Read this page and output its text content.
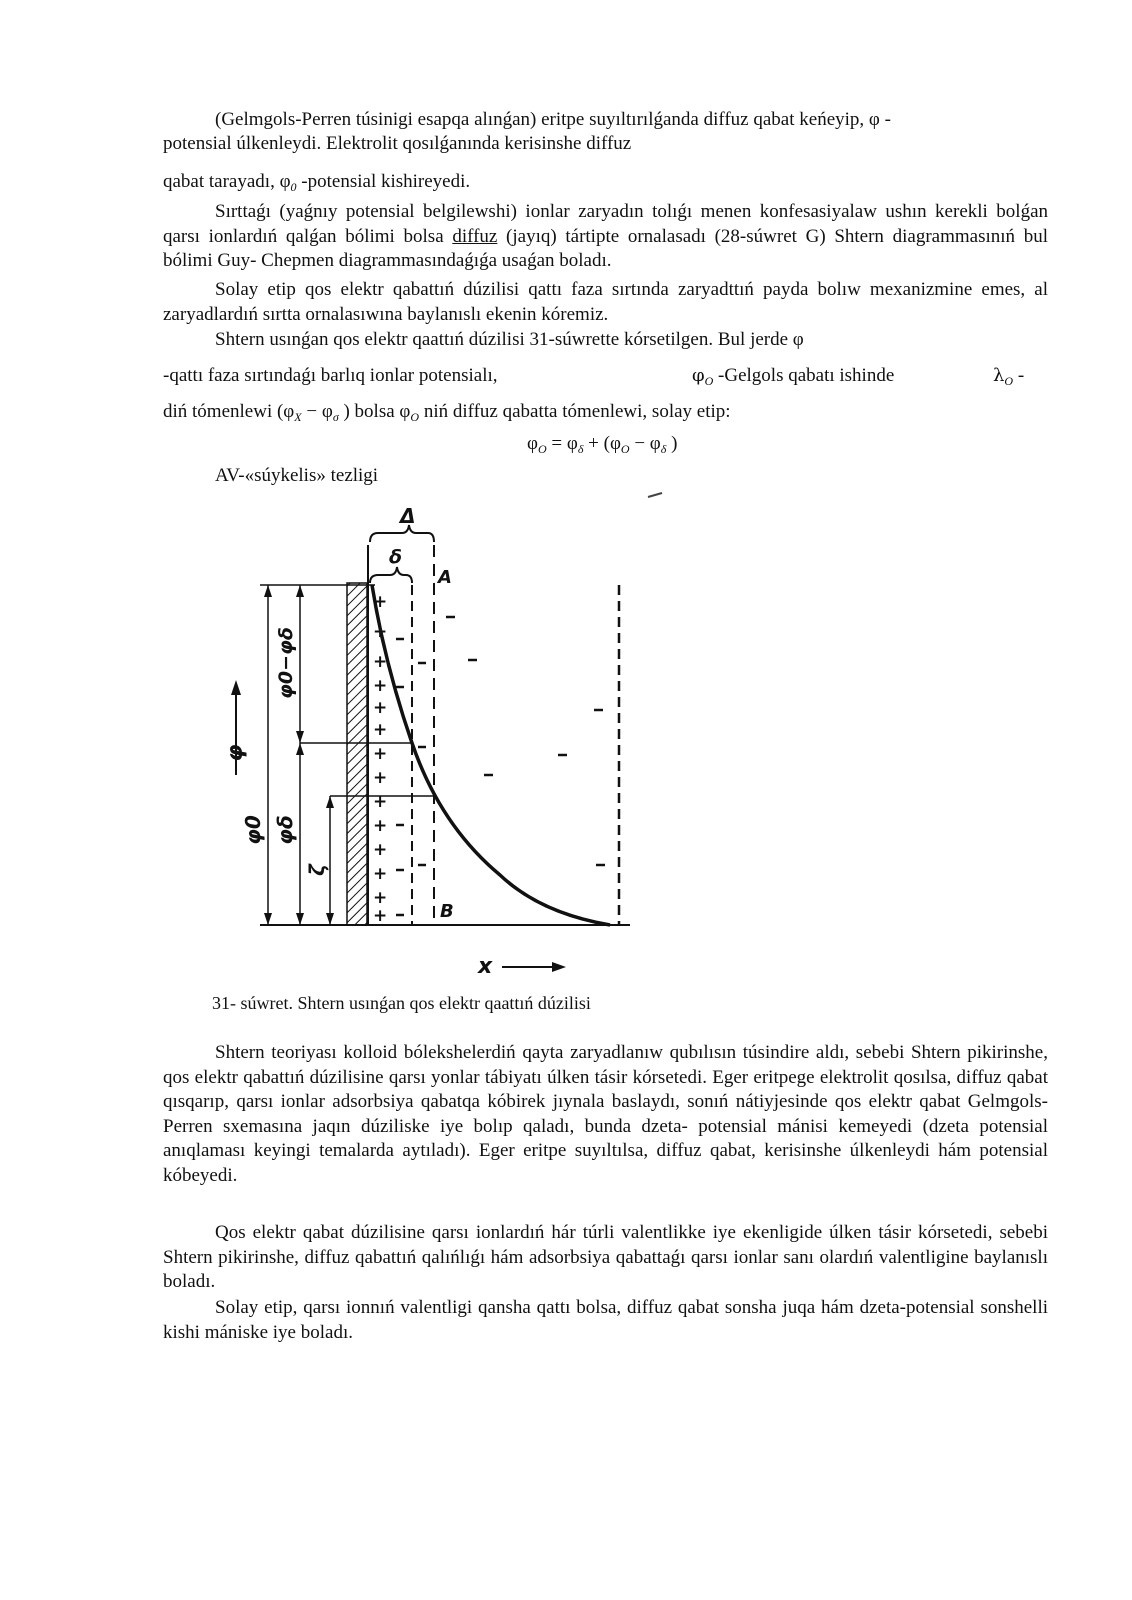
(Gelmgols-Perren túsinigi esapqa alınǵan) eritpe suyıltırılǵanda diffuz qabat keńeyip, φ -
potensial úlkenleydi. Elektrolit qosılǵanında kerisinshe diffuz
qabat tarayadı, $\varphi_0$ -potensial kishireyedi.

Sırttaǵı (yaǵnıy potensial belgilewshi) ionlar zaryadın tolıǵı menen konfesasiyalaw ushın kerekli bolǵan qarsı ionlardıń qalǵan bólimi bolsa diffuz (jayıq) tártipte ornalasadı (28-súwret G) Shtern diagrammasınıń bul bólimi Guy- Chepmen diagrammasındaǵıǵa usaǵan boladı.

Solay etip qos elektr qabattıń dúzilisi qattı faza sırtında zaryadttıń payda bolıw mexanizmine emes, al zaryadlardıń sırtta ornalasıwına baylanıslı ekenin kóremiz.

Shtern usınǵan qos elektr qaattıń dúzilisi 31-súwrette kórsetilgen. Bul jerde φ
-qattı faza sırtındaǵı barlıq ionlar potensialı,	$\varphi_O$ -Gelgols qabatı ishinde	$\lambda_O$ -
diń tómenlewi ($\varphi_X - \varphi_\sigma$ ) bolsa $\varphi_O$ niń diffuz qabatta tómenlewi, solay etip:
$\varphi_O = \varphi_\delta + (\varphi_O - \varphi_\delta$ )
AV-«súykelis» tezligi
Δ
δ
φ0−φδ
φ0 φδ
ζ
φ
+
+
+
+
+
+
+
+
+
+
+
+
+
+
A
B
x
31- súwret. Shtern usınǵan qos elektr qaattıń dúzilisi

Shtern teoriyası kolloid bólekshelerdiń qayta zaryadlanıw qubılısın túsindire aldı, sebebi Shtern pikirinshe, qos elektr qabattıń dúzilisine qarsı yonlar tábiyatı úlken tásir kórsetedi. Eger eritpege elektrolit qosılsa, diffuz qabat qısqarıp, qarsı ionlar adsorbsiya qabatqa kóbirek jıynala baslaydı, sonıń nátiyjesinde qos elektr qabat Gelmgols-Perren sxemasına jaqın dúziliske iye bolıp qaladı, bunda dzeta- potensial mánisi kemeyedi (dzeta potensial anıqlaması keyingi temalarda aytıladı). Eger eritpe suyıltılsa, diffuz qabat, kerisinshe úlkenleydi hám potensial kóbeyedi.

Qos elektr qabat dúzilisine qarsı ionlardıń hár túrli valentlikke iye ekenligide úlken tásir kórsetedi, sebebi Shtern pikirinshe, diffuz qabattıń qalıńlıǵı hám adsorbsiya qabattaǵı qarsı ionlar sanı olardıń valentligine baylanıslı boladı.

Solay etip, qarsı ionnıń valentligi qansha qattı bolsa, diffuz qabat sonsha juqa hám dzeta-potensial sonshelli kishi mániske iye boladı.
